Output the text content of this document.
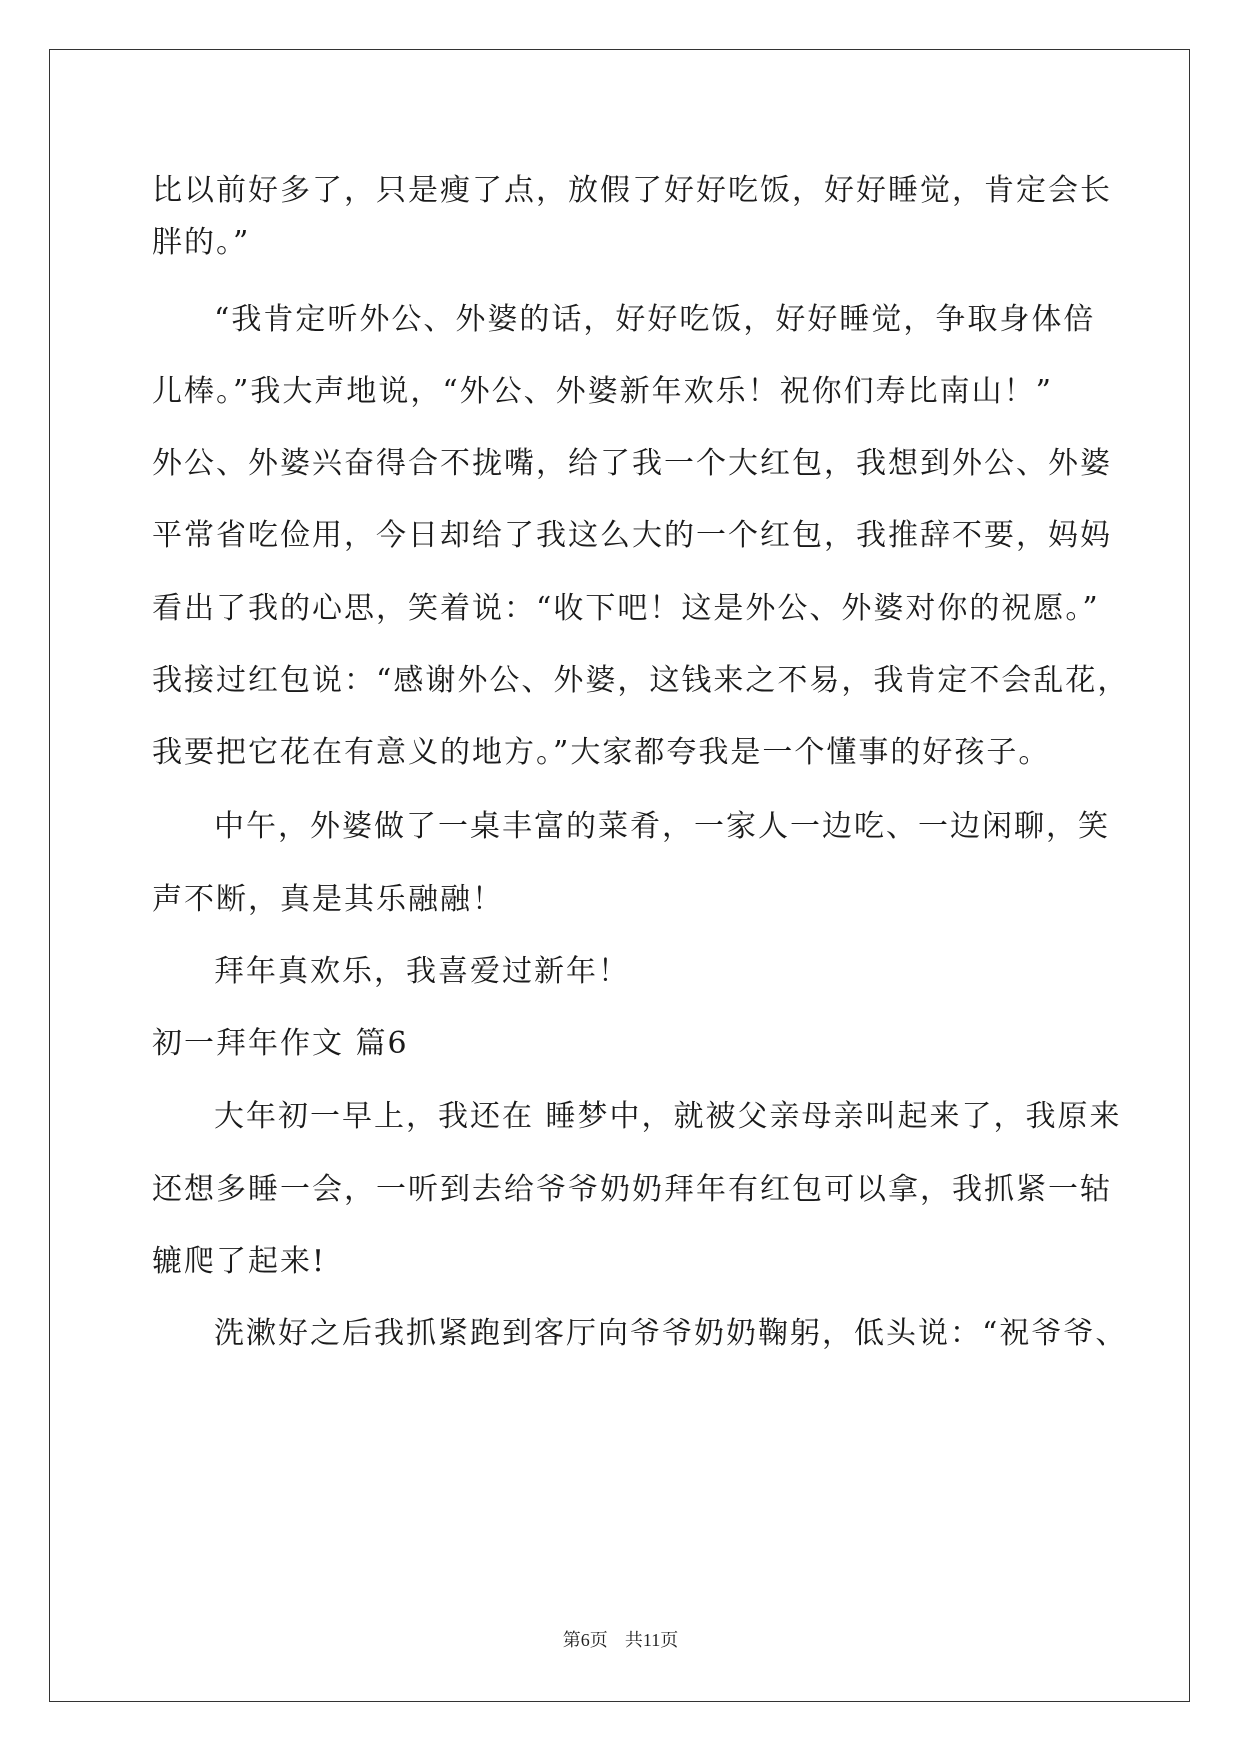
比以前好多了，只是瘦了点，放假了好好吃饭，好好睡觉，肯定会长
胖的。”
“我肯定听外公、外婆的话，好好吃饭，好好睡觉，争取身体倍
儿棒。”我大声地说，“外公、外婆新年欢乐！祝你们寿比南山！”
外公、外婆兴奋得合不拢嘴，给了我一个大红包，我想到外公、外婆
平常省吃俭用，今日却给了我这么大的一个红包，我推辞不要，妈妈
看出了我的心思，笑着说：“收下吧！这是外公、外婆对你的祝愿。”
我接过红包说：“感谢外公、外婆，这钱来之不易，我肯定不会乱花，
我要把它花在有意义的地方。”大家都夸我是一个懂事的好孩子。
中午，外婆做了一桌丰富的菜肴，一家人一边吃、一边闲聊，笑
声不断，真是其乐融融！
拜年真欢乐，我喜爱过新年！
初一拜年作文 篇6
大年初一早上，我还在 睡梦中，就被父亲母亲叫起来了，我原来
还想多睡一会，一听到去给爷爷奶奶拜年有红包可以拿，我抓紧一轱
辘爬了起来!
洗漱好之后我抓紧跑到客厅向爷爷奶奶鞠躬，低头说：“祝爷爷、
第6页 共11页
